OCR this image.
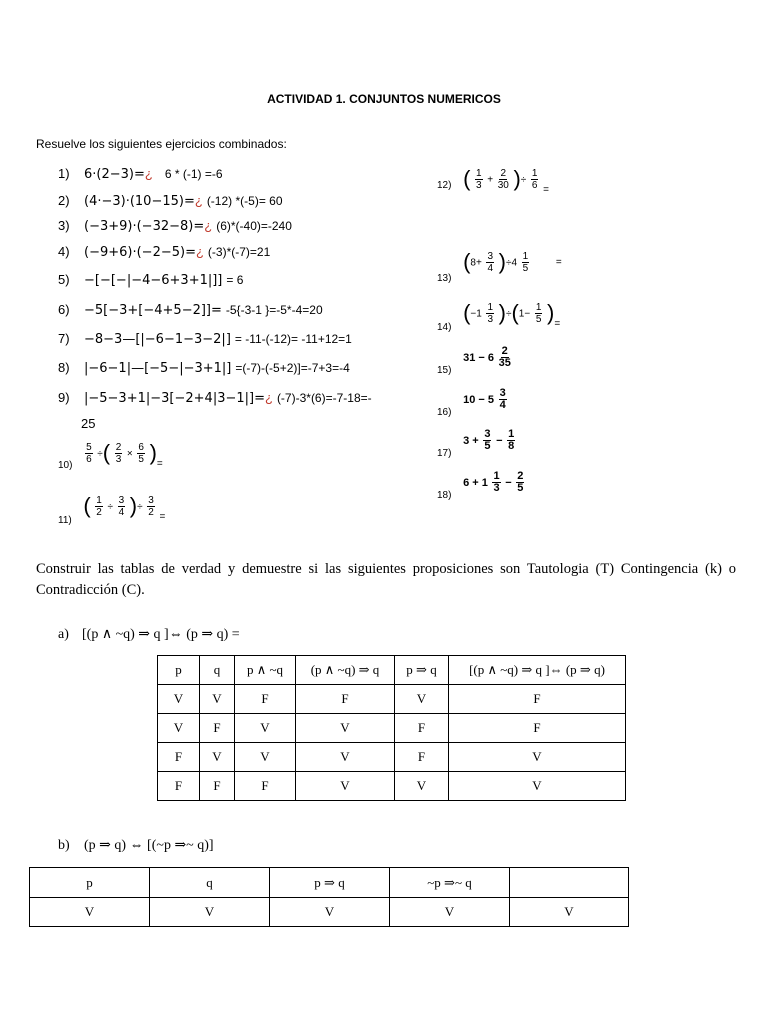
ACTIVIDAD 1. CONJUNTOS NUMERICOS
Resuelve los siguientes ejercicios combinados:
1) 6·(2−3)=¿ 6 * (-1) =-6
2) (4·−3)·(10−15)=¿ (-12) *(-5)= 60
3) (−3+9)·(−32−8)=¿ (6)*(-40)=-240
4) (−9+6)·(−2−5)=¿ (-3)*(-7)=21
5) −[−[−|−4−6+3+1|]] = 6
6) −5[−3+[−4+5−2]]= -5{-3-1 }=-5*-4=20
7) −8−3—[|−6−1−3−2|] = -11-(-12)= -11+12=1
8) |−6−1|—[−5−|−3+1|] =(-7)-(-5+2)]=-7+3=-4
9) |−5−3+1|−3[−2+4|3−1|]=¿ (-7)-3*(6)=-7-18=-
25
$_{10)}$
$\frac{5}{6}$ ÷( $\frac{2}{3} \times \frac{6}{5} )_=$
$_{11)}$ ( $\frac{1}{2} \div \frac{3}{4}$ )÷ $\frac{3}{2} _=$
$_{12)}$ ( $\frac{1}{3} + \frac{2}{30}$ )÷ $\frac{1}{6} _=$
$_{13)}$ $(8+ \frac{3}{4} )\div 4 \frac{1}{5}$	=
$_{14)}$ $(-1 \frac{1}{3} )\div(1- \frac{1}{5} )_=$
$_{15)}$ $31 - 6 \frac{2}{35}$
$_{16)}$ $10 - 5 \frac{3}{4}$
$_{17)}$ $3 + \frac{3}{5} - \frac{1}{8}$
$_{18)}$ $6 + 1 \frac{1}{3} - \frac{2}{5}$
Construir las tablas de verdad y demuestre si las siguientes proposiciones son Tautologia (T) Contingencia (k) o Contradicción (C).
a) [(p ∧ ~q) ⇒ q ]⇔ (p ⇒ q) =
p	q	p ∧ ~q	(p ∧ ~q) ⇒ q	p ⇒ q	[(p ∧ ~q) ⇒ q ]⇔ (p ⇒ q)
V	V	F	F	V	F
V	F	V	V	F	F
F	V	V	V	F	V
F	F	F	V	V	V
b) (p ⇒ q) ⇔ [(~p ⇒~ q)]
p	q	p ⇒ q	~p ⇒~ q	
V	V	V	V	V
